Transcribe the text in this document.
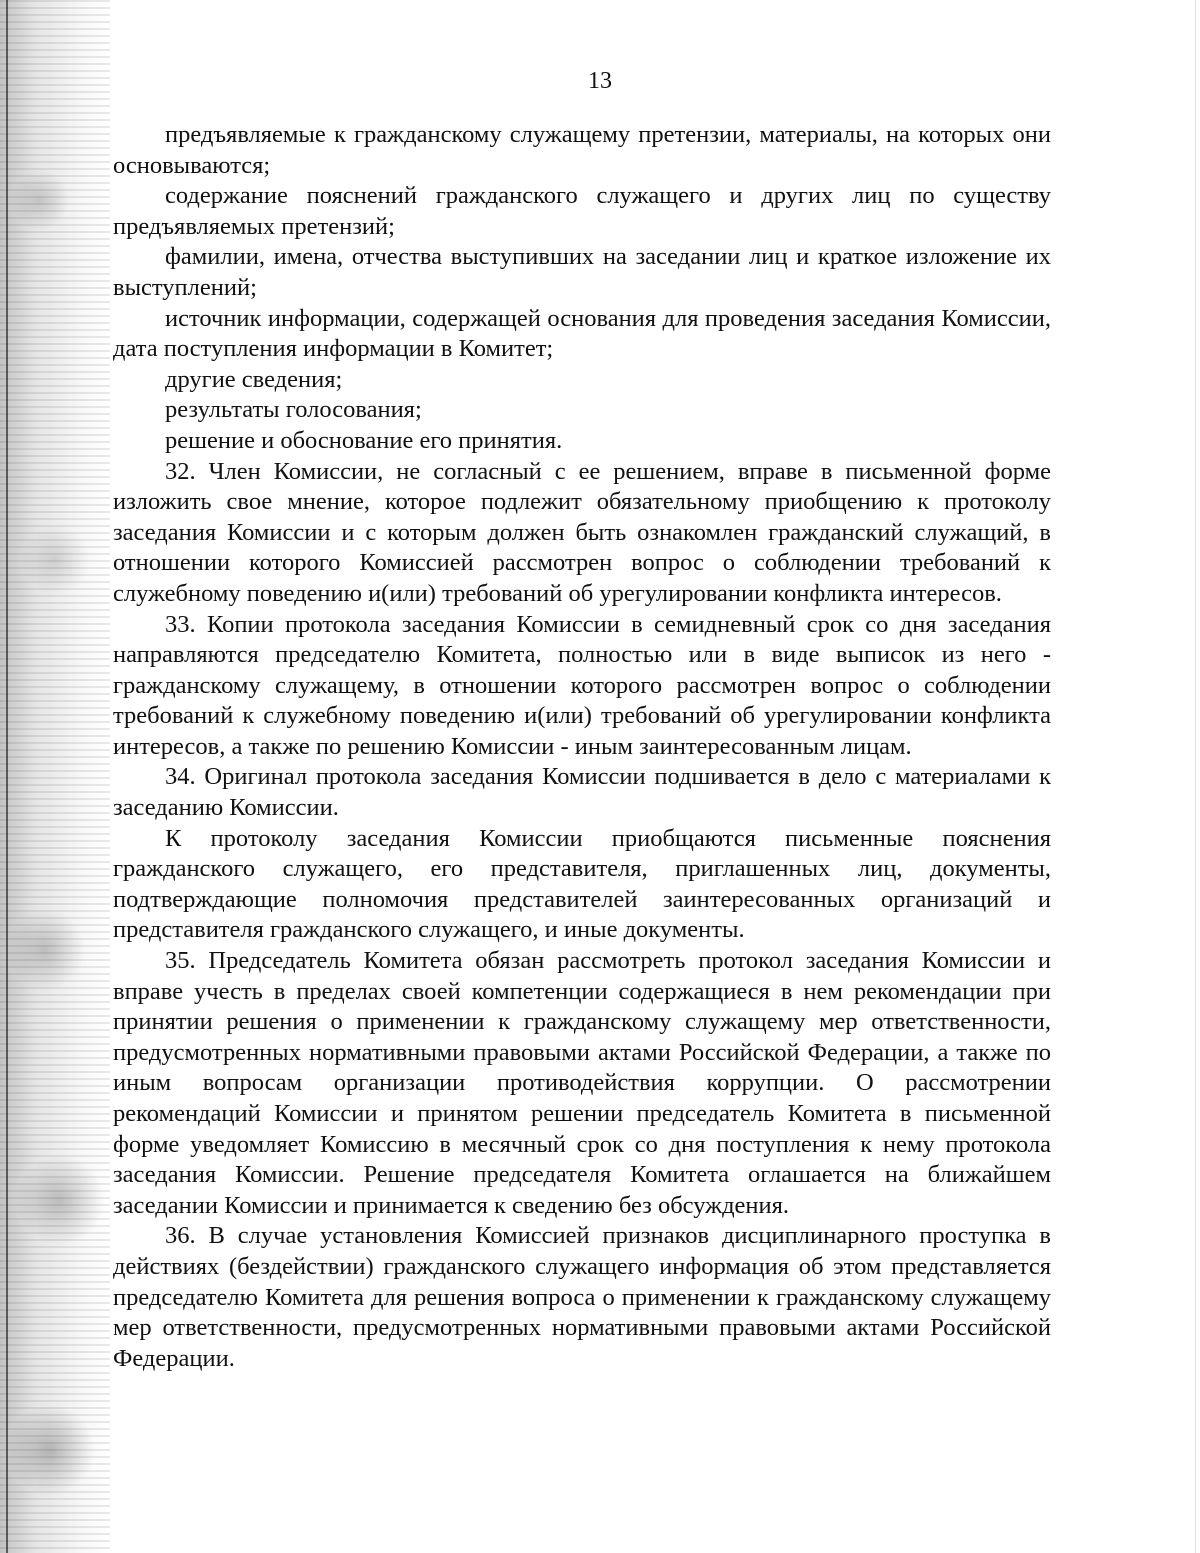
13

предъявляемые к гражданскому служащему претензии, материалы, на которых они основываются;

содержание пояснений гражданского служащего и других лиц по существу предъявляемых претензий;

фамилии, имена, отчества выступивших на заседании лиц и краткое изложение их выступлений;

источник информации, содержащей основания для проведения заседания Комиссии, дата поступления информации в Комитет;

другие сведения;

результаты голосования;

решение и обоснование его принятия.

32. Член Комиссии, не согласный с ее решением, вправе в письменной форме изложить свое мнение, которое подлежит обязательному приобщению к протоколу заседания Комиссии и с которым должен быть ознакомлен гражданский служащий, в отношении которого Комиссией рассмотрен вопрос о соблюдении требований к служебному поведению и(или) требований об урегулировании конфликта интересов.

33. Копии протокола заседания Комиссии в семидневный срок со дня заседания направляются председателю Комитета, полностью или в виде выписок из него - гражданскому служащему, в отношении которого рассмотрен вопрос о соблюдении требований к служебному поведению и(или) требований об урегулировании конфликта интересов, а также по решению Комиссии - иным заинтересованным лицам.

34. Оригинал протокола заседания Комиссии подшивается в дело с материалами к заседанию Комиссии.

К протоколу заседания Комиссии приобщаются письменные пояснения гражданского служащего, его представителя, приглашенных лиц, документы, подтверждающие полномочия представителей заинтересованных организаций и представителя гражданского служащего, и иные документы.

35. Председатель Комитета обязан рассмотреть протокол заседания Комиссии и вправе учесть в пределах своей компетенции содержащиеся в нем рекомендации при принятии решения о применении к гражданскому служащему мер ответственности, предусмотренных нормативными правовыми актами Российской Федерации, а также по иным вопросам организации противодействия коррупции. О рассмотрении рекомендаций Комиссии и принятом решении председатель Комитета в письменной форме уведомляет Комиссию в месячный срок со дня поступления к нему протокола заседания Комиссии. Решение председателя Комитета оглашается на ближайшем заседании Комиссии и принимается к сведению без обсуждения.

36. В случае установления Комиссией признаков дисциплинарного проступка в действиях (бездействии) гражданского служащего информация об этом представляется председателю Комитета для решения вопроса о применении к гражданскому служащему мер ответственности, предусмотренных нормативными правовыми актами Российской Федерации.
